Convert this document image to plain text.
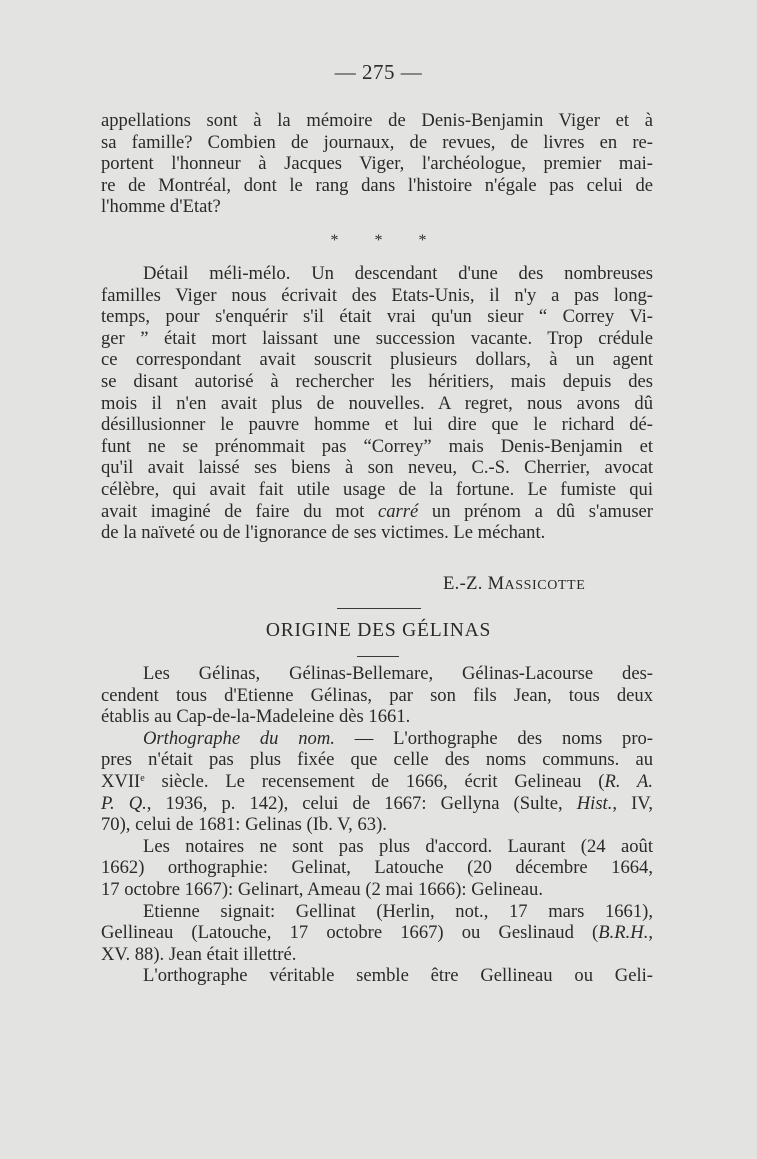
— 275 —
appellations sont à la mémoire de Denis-Benjamin Viger et à
sa famille? Combien de journaux, de revues, de livres en re-
portent l'honneur à Jacques Viger, l'archéologue, premier mai-
re de Montréal, dont le rang dans l'histoire n'égale pas celui de
l'homme d'Etat?
* * *
Détail méli-mélo. Un descendant d'une des nombreuses
familles Viger nous écrivait des Etats-Unis, il n'y a pas long-
temps, pour s'enquérir s'il était vrai qu'un sieur “ Correy Vi-
ger ” était mort laissant une succession vacante. Trop crédule
ce correspondant avait souscrit plusieurs dollars, à un agent
se disant autorisé à rechercher les héritiers, mais depuis des
mois il n'en avait plus de nouvelles. A regret, nous avons dû
désillusionner le pauvre homme et lui dire que le richard dé-
funt ne se prénommait pas “Correy” mais Denis-Benjamin et
qu'il avait laissé ses biens à son neveu, C.-S. Cherrier, avocat
célèbre, qui avait fait utile usage de la fortune. Le fumiste qui
avait imaginé de faire du mot carré un prénom a dû s'amuser
de la naïveté ou de l'ignorance de ses victimes. Le méchant.
E.-Z. MASSICOTTE
ORIGINE DES GÉLINAS
Les Gélinas, Gélinas-Bellemare, Gélinas-Lacourse des-
cendent tous d'Etienne Gélinas, par son fils Jean, tous deux
établis au Cap-de-la-Madeleine dès 1661.
Orthographe du nom. — L'orthographe des noms pro-
pres n'était pas plus fixée que celle des noms communs. au
XVIIe siècle. Le recensement de 1666, écrit Gelineau (R. A.
P. Q., 1936, p. 142), celui de 1667: Gellyna (Sulte, Hist., IV,
70), celui de 1681: Gelinas (Ib. V, 63).
Les notaires ne sont pas plus d'accord. Laurant (24 août
1662) orthographie: Gelinat, Latouche (20 décembre 1664,
17 octobre 1667): Gelinart, Ameau (2 mai 1666): Gelineau.
Etienne signait: Gellinat (Herlin, not., 17 mars 1661),
Gellineau (Latouche, 17 octobre 1667) ou Geslinaud (B.R.H.,
XV. 88). Jean était illettré.
L'orthographe véritable semble être Gellineau ou Geli-
